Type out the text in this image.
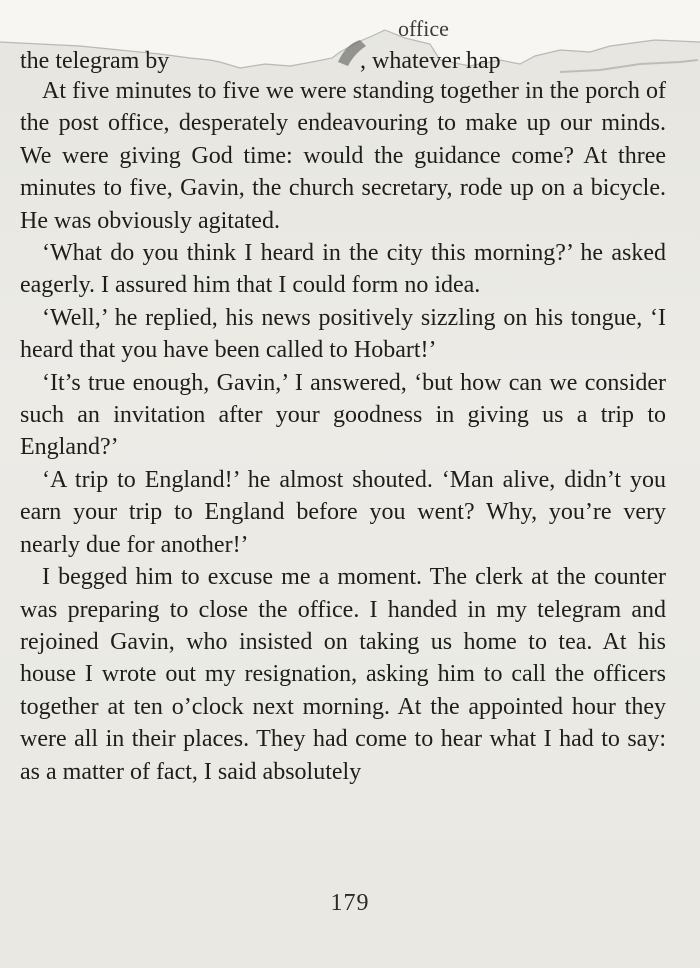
office
the telegram by	, whatever hap

At five minutes to five we were standing together in the porch of the post office, desperately endeavouring to make up our minds. We were giving God time: would the guidance come? At three minutes to five, Gavin, the church secretary, rode up on a bicycle. He was obviously agitated.

‘What do you think I heard in the city this morning?’ he asked eagerly. I assured him that I could form no idea.

‘Well,’ he replied, his news positively sizzling on his tongue, ‘I heard that you have been called to Hobart!’

‘It’s true enough, Gavin,’ I answered, ‘but how can we consider such an invitation after your goodness in giving us a trip to England?’

‘A trip to England!’ he almost shouted. ‘Man alive, didn’t you earn your trip to England before you went? Why, you’re very nearly due for another!’

I begged him to excuse me a moment. The clerk at the counter was preparing to close the office. I handed in my telegram and rejoined Gavin, who insisted on taking us home to tea. At his house I wrote out my resignation, asking him to call the officers together at ten o’clock next morning. At the appointed hour they were all in their places. They had come to hear what I had to say: as a matter of fact, I said absolutely

179
